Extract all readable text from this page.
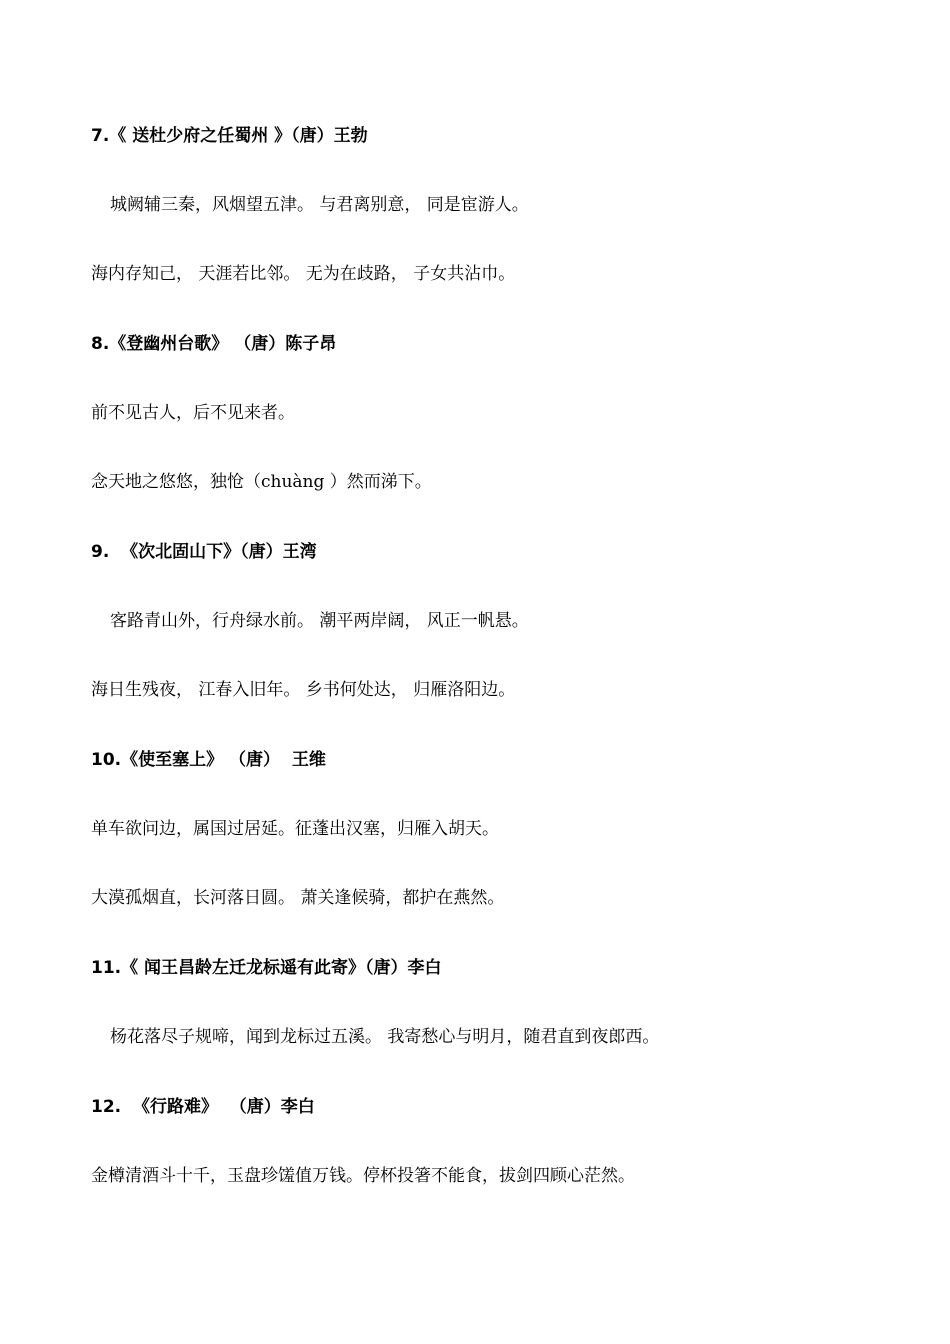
7.《 送杜少府之任蜀州 》（唐）王勃
城阙辅三秦，风烟望五津。 与君离别意， 同是宦游人。
海内存知己， 天涯若比邻。 无为在歧路， 子女共沾巾。
8.《登幽州台歌》 （唐）陈子昂
前不见古人，后不见来者。
念天地之悠悠，独怆（chuàng ）然而涕下。
9.  《次北固山下》（唐）王湾
客路青山外，行舟绿水前。 潮平两岸阔， 风正一帆悬。
海日生残夜， 江春入旧年。 乡书何处达， 归雁洛阳边。
10.《使至塞上》 （唐）  王维
单车欲问边，属国过居延。征蓬出汉塞，归雁入胡天。
大漠孤烟直，长河落日圆。 萧关逢候骑，都护在燕然。
11.《 闻王昌龄左迁龙标遥有此寄》（唐）李白
杨花落尽子规啼，闻到龙标过五溪。 我寄愁心与明月，随君直到夜郎西。
12.  《行路难》  （唐）李白
金樽清酒斗十千，玉盘珍馐值万钱。停杯投箸不能食，拔剑四顾心茫然。
